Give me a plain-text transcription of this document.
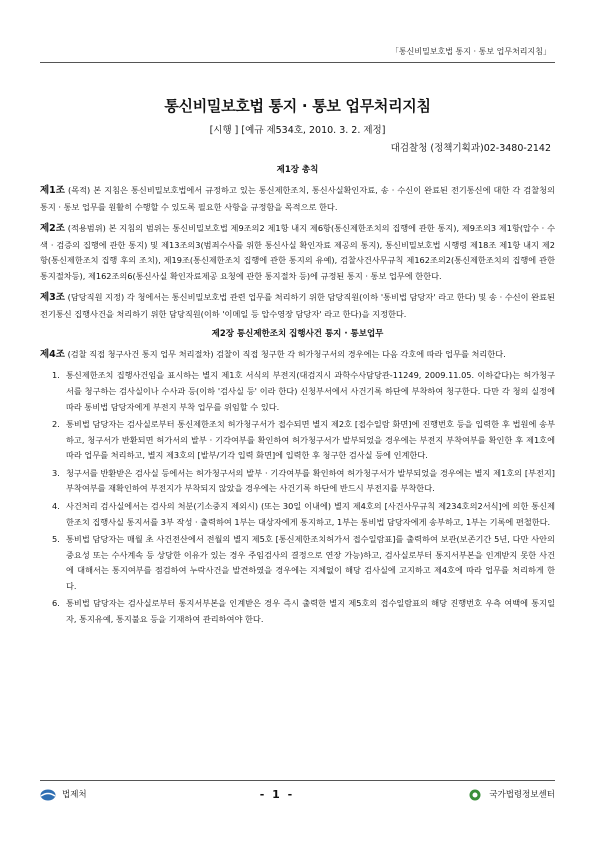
「통신비밀보호법 통지 · 통보 업무처리지침」
통신비밀보호법 통지 · 통보 업무처리지침
[시행 ] [예규 제534호, 2010. 3. 2. 제정]
대검찰청 (정책기획과)02-3480-2142
제1장 총칙

제1조 (목적) 본 지침은 통신비밀보호법에서 규정하고 있는 통신제한조치, 통신사실확인자료, 송 · 수신이 완료된 전기통신에 대한 각 검찰청의 통지 · 통보 업무를 원활히 수행할 수 있도록 필요한 사항을 규정함을 목적으로 한다.

제2조 (적용범위) 본 지침의 범위는 통신비밀보호법 제9조의2 제1항 내지 제6항(통신제한조치의 집행에 관한 통지), 제9조의3 제1항(압수 · 수색 · 검증의 집행에 관한 통지) 및 제13조의3(범죄수사를 위한 통신사실 확인자료 제공의 통지), 통신비밀보호법 시행령 제18조 제1항 내지 제2항(통신제한조치 집행 후의 조치), 제19조(통신제한조치 집행에 관한 통지의 유예), 검찰사건사무규칙 제162조의2(통신제한조치의 집행에 관한 통지절차등), 제162조의6(통신사실 확인자료제공 요청에 관한 통지절차 등)에 규정된 통지 · 통보 업무에 한한다.

제3조 (담당직원 지정) 각 청에서는 통신비밀보호법 관련 업무를 처리하기 위한 담당직원(이하 '통비법 담당자' 라고 한다) 및 송 · 수신이 완료된 전기통신 집행사건을 처리하기 위한 담당직원(이하 '이메일 등 압수영장 담당자' 라고 한다)을 지정한다.

제2장 통신제한조치 집행사건 통지 · 통보업무

제4조 (검찰 직접 청구사건 통지 업무 처리절차) 검찰이 직접 청구한 각 허가청구서의 경우에는 다음 각호에 따라 업무를 처리한다.

1. 통신제한조치 집행사건임을 표시하는 별지 제1호 서식의 부전지(대검지시 과학수사담당관-11249, 2009.11.05. 이하같다)는 허가청구서를 청구하는 검사실이나 수사과 등(이하 '검사실 등' 이라 한다) 신청부서에서 사건기록 하단에 부착하여 청구한다. 다만 각 청의 실정에 따라 통비법 담당자에게 부전지 부착 업무를 위임할 수 있다.
2. 통비법 담당자는 검사실로부터 통신제한조치 허가청구서가 접수되면 별지 제2호 [접수일람 화면]에 진행번호 등을 입력한 후 법원에 송부하고, 청구서가 반환되면 허가서의 발부 · 기각여부를 확인하여 허가청구서가 발부되었을 경우에는 부전지 부착여부를 확인한 후 제1호에 따라 업무를 처리하고, 별지 제3호의 [발부/기각 입력 화면]에 입력한 후 청구한 검사실 등에 인계한다.
3. 청구서를 반환받은 검사실 등에서는 허가청구서의 발부 · 기각여부를 확인하여 허가청구서가 발부되었을 경우에는 별지 제1호의 [부전지] 부착여부를 재확인하여 부전지가 부착되지 않았을 경우에는 사건기록 하단에 반드시 부전지를 부착한다.
4. 사건처리 검사실에서는 검사의 처분(기소중지 제외시) (또는 30일 이내에) 별지 제4호의 [사건사무규칙 제234호의2서식]에 의한 통신제한조치 집행사실 통지서를 3부 작성 · 출력하여 1부는 대상자에게 통지하고, 1부는 통비법 담당자에게 송부하고, 1부는 기록에 편철한다.
5. 통비법 담당자는 매월 초 사건전산에서 전월의 별지 제5호 [통신제한조치허가서 접수일람표]를 출력하여 보관(보존기간 5년, 다만 사안의 중요성 또는 수사계속 등 상당한 이유가 있는 경우 주임검사의 결정으로 연장 가능)하고, 검사실로부터 통지서부본을 인계받지 못한 사건에 대해서는 통지여부를 점검하여 누락사건을 발견하였을 경우에는 지체없이 해당 검사실에 고지하고 제4호에 따라 업무를 처리하게 한다.
6. 통비법 담당자는 검사실로부터 통지서부본을 인계받은 경우 즉시 출력한 별지 제5호의 접수일람표의 해당 진행번호 우측 여백에 통지일자, 통지유예, 통지불요 등을 기재하여 관리하여야 한다.
법제처	- 1 -	국가법령정보센터
